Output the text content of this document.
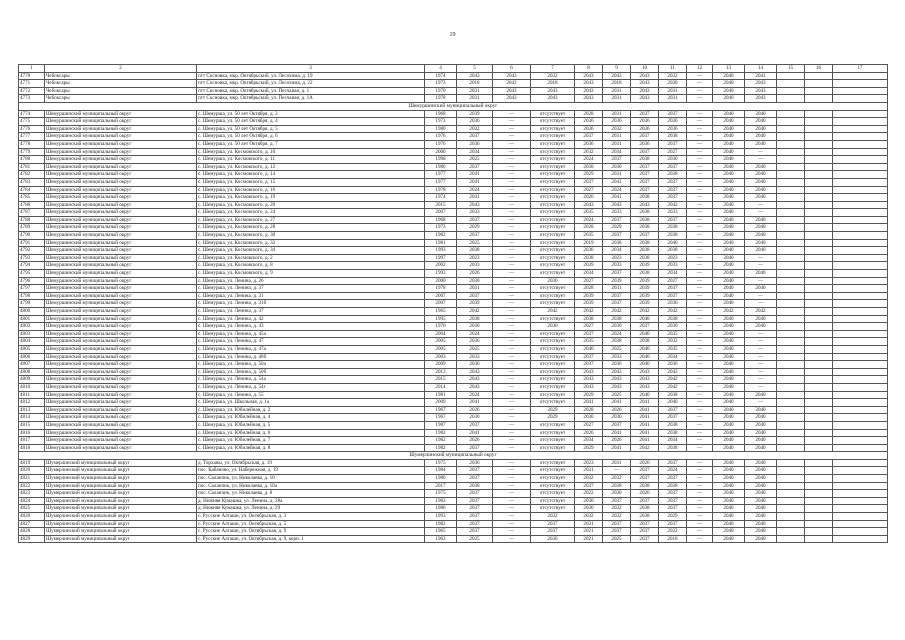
19
1	2	3	4	5	6	7	8	9	10	11	12	13	14	15	16	17
4770	Чебоксары	пгт Сосновка, мкр. Октябрьский, ул. Лесохима, д. 19	1974	2043	2043	2032	2043	2043	2043	2032	—	2040	2041			
4771	Чебоксары	пгт Сосновка, мкр. Октябрьский, ул. Лесохима, д. 22	1973	2018	2043	2018	2043	2018	2043	2030	—	2040	2043			
4772	Чебоксары	пгт Сосновка, мкр. Октябрьский, ул. Песчаная, д. 1	1970	2031	2043	2043	2043	2031	2043	2031	—	2040	2043			
4773	Чебоксары	пгт Сосновка, мкр. Октябрьский, ул. Песчаная, д. 1А	1978	2031	2043	2043	2043	2031	2043	2031	—	2040	2043			
Шемуршинский муниципальный округ																
4774	Шемуршинский муниципальный округ	с. Шемурша, ул. 50 лет Октября, д. 2	1968	2039	—	отсутствует	2028	2031	2037	2037	—	2040	2040			
4775	Шемуршинский муниципальный округ	с. Шемурша, ул. 50 лет Октября, д. 4	1973	2036	—	отсутствует	2036	2036	2036	2036	—	2040	2040			
4776	Шемуршинский муниципальный округ	с. Шемурша, ул. 50 лет Октября, д. 5	1980	2032	—	отсутствует	2036	2032	2036	2036	—	2040	2040			
4777	Шемуршинский муниципальный округ	с. Шемурша, ул. 50 лет Октября, д. 6	1976	2037	—	отсутствует	2037	2031	2037	2038	—	2040	2040			
4778	Шемуршинский муниципальный округ	с. Шемурша, ул. 50 лет Октября, д. 7	1976	2036	—	отсутствует	2036	2031	2036	2037	—	2040	2040			
4779	Шемуршинский муниципальный округ	с. Шемурша, ул. Космовского, д. 10	2000	2034	—	отсутствует	2032	2034	2037	2027	—	2040	—			
4780	Шемуршинский муниципальный округ	с. Шемурша, ул. Космовского, д. 11	1998	2025	—	отсутствует	2024	2037	2038	2030	—	2040	—			
4781	Шемуршинский муниципальный округ	с. Шемурша, ул. Космовского, д. 12	1980	2037	—	отсутствует	2030	2030	2037	2037	—	2040	2040			
4782	Шемуршинский муниципальный округ	с. Шемурша, ул. Космовского, д. 14	1977	2041	—	отсутствует	2029	2031	2037	2038	—	2040	2040			
4783	Шемуршинский муниципальный округ	с. Шемурша, ул. Космовского, д. 15	1977	2041	—	отсутствует	2037	2041	2037	2037	—	2040	2040			
4784	Шемуршинский муниципальный округ	с. Шемурша, ул. Космовского, д. 16	1978	2024	—	отсутствует	2027	2024	2037	2037	—	2040	2040			
4785	Шемуршинский муниципальный округ	с. Шемурша, ул. Космовского, д. 19	1974	2041	—	отсутствует	2026	2041	2038	2037	—	2040	2040			
4786	Шемуршинский муниципальный округ	с. Шемурша, ул. Космовского, д. 20	2015	2043	—	отсутствует	2043	2043	2043	2042	—	2040	—			
4787	Шемуршинский муниципальный округ	с. Шемурша, ул. Космовского, д. 24	2007	2033	—	отсутствует	2035	2033	2038	2033	—	2040	—			
4788	Шемуршинский муниципальный округ	с. Шемурша, ул. Космовского, д. 27	1968	2037	—	отсутствует	2024	2037	2038	2037	—	2040	2040			
4789	Шемуршинский муниципальный округ	с. Шемурша, ул. Космовского, д. 28	1973	2029	—	отсутствует	2028	2029	2038	2038	—	2040	2040			
4790	Шемуршинский муниципальный округ	с. Шемурша, ул. Космовского, д. 30	1982	2037	—	отсутствует	2035	2037	2037	2038	—	2040	2040			
4791	Шемуршинский муниципальный округ	с. Шемурша, ул. Космовского, д. 32	1981	2025	—	отсутствует	2019	2038	2038	2040	—	2040	2040			
4792	Шемуршинский муниципальный округ	с. Шемурша, ул. Космовского, д. 34	1993	2038	—	отсутствует	2036	2034	2038	2038	—	2040	2040			
4793	Шемуршинский муниципальный округ	с. Шемурша, ул. Космовского, д. 2	1997	2023	—	отсутствует	2038	2023	2038	2023	—	2040	—			
4794	Шемуршинский муниципальный округ	с. Шемурша, ул. Космовского, д. 8	2002	2033	—	отсутствует	2039	2033	2039	2033	—	2040	—			
4795	Шемуршинский муниципальный округ	с. Шемурша, ул. Космовского, д. 9	1993	2026	—	отсутствует	2034	2037	2038	2034	—	2040	2040			
4796	Шемуршинский муниципальный округ	с. Шемурша, ул. Ленина, д. 26	2000	2030	—	2030	2027	2039	2039	2027	—	2040	—			
4797	Шемуршинский муниципальный округ	с. Шемурша, ул. Ленина, д. 37	1978	2031	—	отсутствует	2028	2031	2039	2037	—	2040	2040			
4798	Шемуршинский муниципальный округ	с. Шемурша, ул. Ленина, д. 31	2007	2037	—	отсутствует	2039	2037	2039	2037	—	2040	—			
4799	Шемуршинский муниципальный округ	с. Шемурша, ул. Ленина, д. 31б	2007	2039	—	отсутствует	2039	2037	2039	2036	—	2040	—			
4800	Шемуршинский муниципальный округ	с. Шемурша, ул. Ленина, д. 37	1965	2042	—	2042	2042	2042	2042	2042	—	2042	2042			
4801	Шемуршинский муниципальный округ	с. Шемурша, ул. Ленина, д. 42	1995	2038	—	отсутствует	2038	2038	2040	2038	—	2040	2040			
4802	Шемуршинский муниципальный округ	с. Шемурша, ул. Ленина, д. 43	1970	2030	—	2030	2027	2030	2037	2030	—	2040	2040			
4803	Шемуршинский муниципальный округ	с. Шемурша, ул. Ленина, д. 45а	2004	2024	—	отсутствует	2037	2024	2040	2035	—	2040	—			
4804	Шемуршинский муниципальный округ	с. Шемурша, ул. Ленина, д. 47	2005	2036	—	отсутствует	2035	2038	2038	2032	—	2040	—			
4805	Шемуршинский муниципальный округ	с. Шемурша, ул. Ленина, д. 47а	2005	2025	—	отсутствует	2040	2025	2040	2035	—	2040	—			
4806	Шемуршинский муниципальный округ	с. Шемурша, ул. Ленина, д. 48б	2003	2033	—	отсутствует	2037	2033	2040	2034	—	2040	—			
4807	Шемуршинский муниципальный округ	с. Шемурша, ул. Ленина, д. 50а	2009	2036	—	отсутствует	2037	2036	2040	2036	—	2040	—			
4808	Шемуршинский муниципальный округ	с. Шемурша, ул. Ленина, д. 50б	2013	2043	—	отсутствует	2043	2043	2043	2042	—	2040	—			
4809	Шемуршинский муниципальный округ	с. Шемурша, ул. Ленина, д. 54а	2015	2043	—	отсутствует	2043	2043	2043	2042	—	2040	—			
4810	Шемуршинский муниципальный округ	с. Шемурша, ул. Ленина, д. 54г	2014	2043	—	отсутствует	2043	2043	2043	2042	—	2040	—			
4811	Шемуршинский муниципальный округ	с. Шемурша, ул. Ленина, д. 55	1981	2024	—	отсутствует	2029	2025	2040	2038	—	2040	2040			
4812	Шемуршинский муниципальный округ	с. Шемурша, ул. Школьная, д. 1а	2009	2041	—	отсутствует	2041	2041	2041	2040	—	2040	—			
4813	Шемуршинский муниципальный округ	с. Шемурша, ул. Юбилейная, д. 2	1967	2026	—	2029	2028	2026	2041	2037	—	2040	2040			
4814	Шемуршинский муниципальный округ	с. Шемурша, ул. Юбилейная, д. 4	1967	2030	—	2029	2030	2030	2041	2037	—	2040	2040			
4815	Шемуршинский муниципальный округ	с. Шемурша, ул. Юбилейная, д. 5	1987	2037	—	отсутствует	2027	2037	2041	2038	—	2040	2040			
4816	Шемуршинский муниципальный округ	с. Шемурша, ул. Юбилейная, д. 6	1982	2041	—	отсутствует	2026	2041	2041	2038	—	2040	2040			
4817	Шемуршинский муниципальный округ	с. Шемурша, ул. Юбилейная, д. 7	1982	2026	—	отсутствует	2034	2026	2041	2034	—	2040	2040			
4818	Шемуршинский муниципальный округ	с. Шемурша, ул. Юбилейная, д. 8	1982	2037	—	отсутствует	2029	2041	2042	2038	—	2040	2040			
Шумерлинский муниципальный округ																
4819	Шумерлинский муниципальный округ	д. Торханы, ул. Октябрьская, д. 19	1975	2036	—	отсутствует	2023	2031	2026	2037	—	2040	2040			
4820	Шумерлинский муниципальный округ	пос. Кабаново, ул. Набережная, д. 19	1984	2037	—	отсутствует	2031	—	2037	2024	—	2040	2040			
4821	Шумерлинский муниципальный округ	пос. Саланчик, ул. Николаева, д. 10	1980	2037	—	отсутствует	2032	2032	2037	2037	—	2040	2040			
4822	Шумерлинский муниципальный округ	пос. Саланчик, ул. Николаева, д. 10а	2017	2038	—	отсутствует	2037	2038	2038	2038	—	2040	2040			
4823	Шумерлинский муниципальный округ	пос. Саланчик, ул. Николаева, д. 8	1975	2037	—	отсутствует	2022	2030	2026	2037	—	2040	2040			
4824	Шумерлинский муниципальный округ	д. Нижняя Кумашка, ул. Ленина, д. 28а	1983	2037	—	отсутствует	2030	2037	2037	2037	—	2040	2040			
4825	Шумерлинский муниципальный округ	д. Нижняя Кумашка, ул. Ленина, д. 29	1986	2037	—	отсутствует	2030	2032	2038	2037	—	2040	2040			
4826	Шумерлинский муниципальный округ	с. Русские Алгаши, ул. Октябрьская, д. 3	1993	2037	—	2032	2032	2032	2038	2029	—	2040	2040			
4827	Шумерлинский муниципальный округ	с. Русские Алгаши, ул. Октябрьская, д. 5	1982	2037	—	2037	2031	2037	2037	2037	—	2040	2040			
4828	Шумерлинский муниципальный округ	с. Русские Алгаши, ул. Октябрьская, д. 9	1965	2037	—	2037	2021	2037	2037	2022	—	2040	2040			
4829	Шумерлинский муниципальный округ	с. Русские Алгаши, ул. Октябрьская, д. 9, корп. 1	1963	2025	—	2036	2021	2025	2037	2018	—	2040	2040			
